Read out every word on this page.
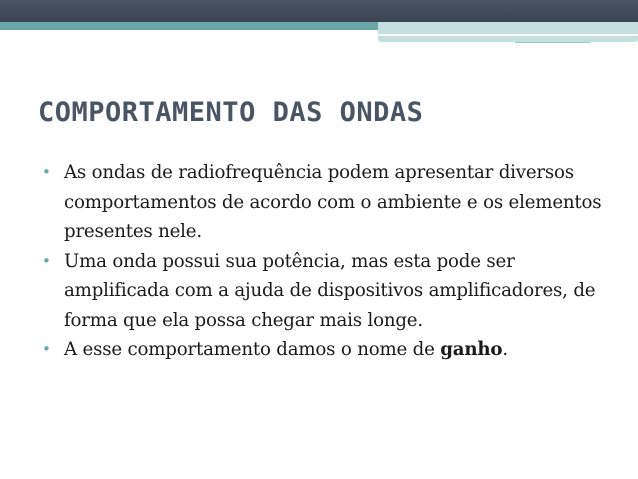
COMPORTAMENTO DAS ONDAS
• As ondas de radiofrequência podem apresentar diversos comportamentos de acordo com o ambiente e os elementos presentes nele.
• Uma onda possui sua potência, mas esta pode ser amplificada com a ajuda de dispositivos amplificadores, de forma que ela possa chegar mais longe.
• A esse comportamento damos o nome de ganho.
